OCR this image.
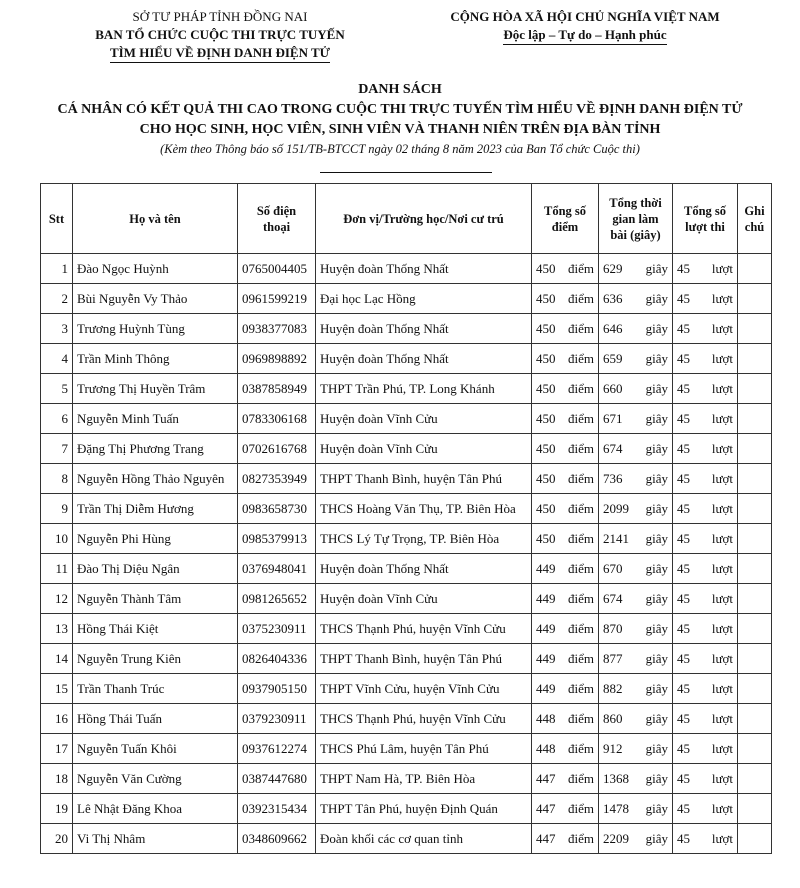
SỞ TƯ PHÁP TỈNH ĐỒNG NAI
BAN TỔ CHỨC CUỘC THI TRỰC TUYẾN
TÌM HIỂU VỀ ĐỊNH DANH ĐIỆN TỬ
CỘNG HÒA XÃ HỘI CHỦ NGHĨA VIỆT NAM
Độc lập – Tự do – Hạnh phúc
DANH SÁCH
CÁ NHÂN CÓ KẾT QUẢ THI CAO TRONG CUỘC THI TRỰC TUYẾN TÌM HIỂU VỀ ĐỊNH DANH ĐIỆN TỬ
CHO HỌC SINH, HỌC VIÊN, SINH VIÊN VÀ THANH NIÊN TRÊN ĐỊA BÀN TỈNH
(Kèm theo Thông báo số 151/TB-BTCCT ngày 02 tháng 8 năm 2023 của Ban Tổ chức Cuộc thi)
Stt	Họ và tên	Số điện thoại	Đơn vị/Trường học/Nơi cư trú	Tổng số điểm	Tổng thời gian làm bài (giây)	Tổng số lượt thi	Ghi chú
1	Đào Ngọc Huỳnh	0765004405	Huyện đoàn Thống Nhất	450 điểm	629 giây	45 lượt	

2	Bùi Nguyễn Vy Thảo	0961599219	Đại học Lạc Hồng	450 điểm	636 giây	45 lượt	

3	Trương Huỳnh Tùng	0938377083	Huyện đoàn Thống Nhất	450 điểm	646 giây	45 lượt	

4	Trần Minh Thông	0969898892	Huyện đoàn Thống Nhất	450 điểm	659 giây	45 lượt	

5	Trương Thị Huyền Trâm	0387858949	THPT Trần Phú, TP. Long Khánh	450 điểm	660 giây	45 lượt	

6	Nguyễn Minh Tuấn	0783306168	Huyện đoàn Vĩnh Cửu	450 điểm	671 giây	45 lượt	

7	Đặng Thị Phương Trang	0702616768	Huyện đoàn Vĩnh Cửu	450 điểm	674 giây	45 lượt	

8	Nguyễn Hồng Thảo Nguyên	0827353949	THPT Thanh Bình, huyện Tân Phú	450 điểm	736 giây	45 lượt	

9	Trần Thị Diễm Hương	0983658730	THCS Hoàng Văn Thụ, TP. Biên Hòa	450 điểm	2099 giây	45 lượt	

10	Nguyễn Phi Hùng	0985379913	THCS Lý Tự Trọng, TP. Biên Hòa	450 điểm	2141 giây	45 lượt	

11	Đào Thị Diệu Ngân	0376948041	Huyện đoàn Thống Nhất	449 điểm	670 giây	45 lượt	

12	Nguyễn Thành Tâm	0981265652	Huyện đoàn Vĩnh Cửu	449 điểm	674 giây	45 lượt	

13	Hồng Thái Kiệt	0375230911	THCS Thạnh Phú, huyện Vĩnh Cửu	449 điểm	870 giây	45 lượt	

14	Nguyễn Trung Kiên	0826404336	THPT Thanh Bình, huyện Tân Phú	449 điểm	877 giây	45 lượt	

15	Trần Thanh Trúc	0937905150	THPT Vĩnh Cửu, huyện Vĩnh Cửu	449 điểm	882 giây	45 lượt	

16	Hồng Thái Tuấn	0379230911	THCS Thạnh Phú, huyện Vĩnh Cửu	448 điểm	860 giây	45 lượt	

17	Nguyễn Tuấn Khôi	0937612274	THCS Phú Lâm, huyện Tân Phú	448 điểm	912 giây	45 lượt	

18	Nguyễn Văn Cường	0387447680	THPT Nam Hà, TP. Biên Hòa	447 điểm	1368 giây	45 lượt	

19	Lê Nhật Đăng Khoa	0392315434	THPT Tân Phú, huyện Định Quán	447 điểm	1478 giây	45 lượt	

20	Vi Thị Nhâm	0348609662	Đoàn khối các cơ quan tỉnh	447 điểm	2209 giây	45 lượt	
